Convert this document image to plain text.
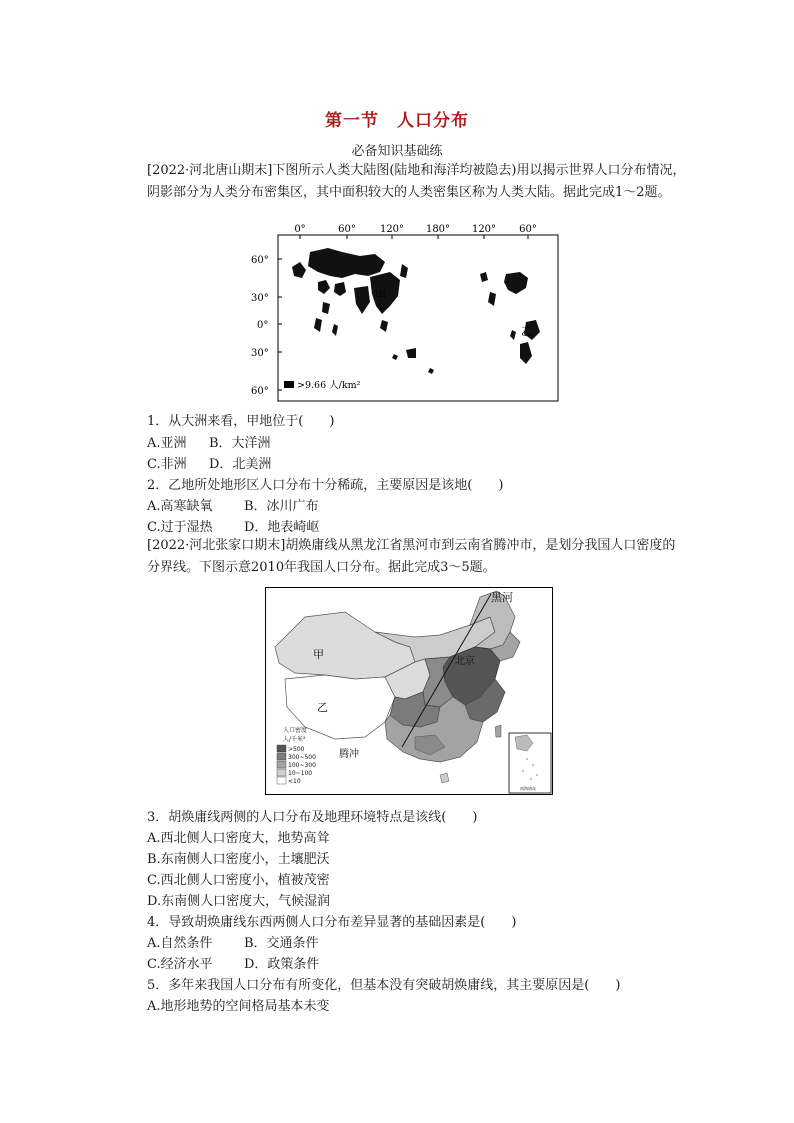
第一节　人口分布
必备知识基础练
[2022·河北唐山期末]下图所示人类大陆图(陆地和海洋均被隐去)用以揭示世界人口分布情况，阴影部分为人类分布密集区，其中面积较大的人类密集区称为人类大陆。据此完成1～2题。
0°	60° 120° 180° 120° 60°
60°
30°
0°
30°
60°
甲
乙
>9.66 人/km²
1．从大洲来看，甲地位于(　　)
A.亚洲 B．大洋洲
C.非洲 D．北美洲
2．乙地所处地形区人口分布十分稀疏，主要原因是该地(　　)
A.高寒缺氧 B．冰川广布
C.过于湿热 D．地表崎岖
[2022·河北张家口期末]胡焕庸线从黑龙江省黑河市到云南省腾冲市，是划分我国人口密度的分界线。下图示意2010年我国人口分布。据此完成3～5题。
黑河
北京
腾冲
甲
乙
人口密度
人/千米²
>500
300~500
100~300
10~100
<10
南海诸岛
3．胡焕庸线两侧的人口分布及地理环境特点是该线(　　)
A.西北侧人口密度大，地势高耸
B.东南侧人口密度小，土壤肥沃
C.西北侧人口密度小，植被茂密
D.东南侧人口密度大，气候湿润
4．导致胡焕庸线东西两侧人口分布差异显著的基础因素是(　　)
A.自然条件 B．交通条件
C.经济水平 D．政策条件
5．多年来我国人口分布有所变化，但基本没有突破胡焕庸线，其主要原因是(　　)
A.地形地势的空间格局基本未变
